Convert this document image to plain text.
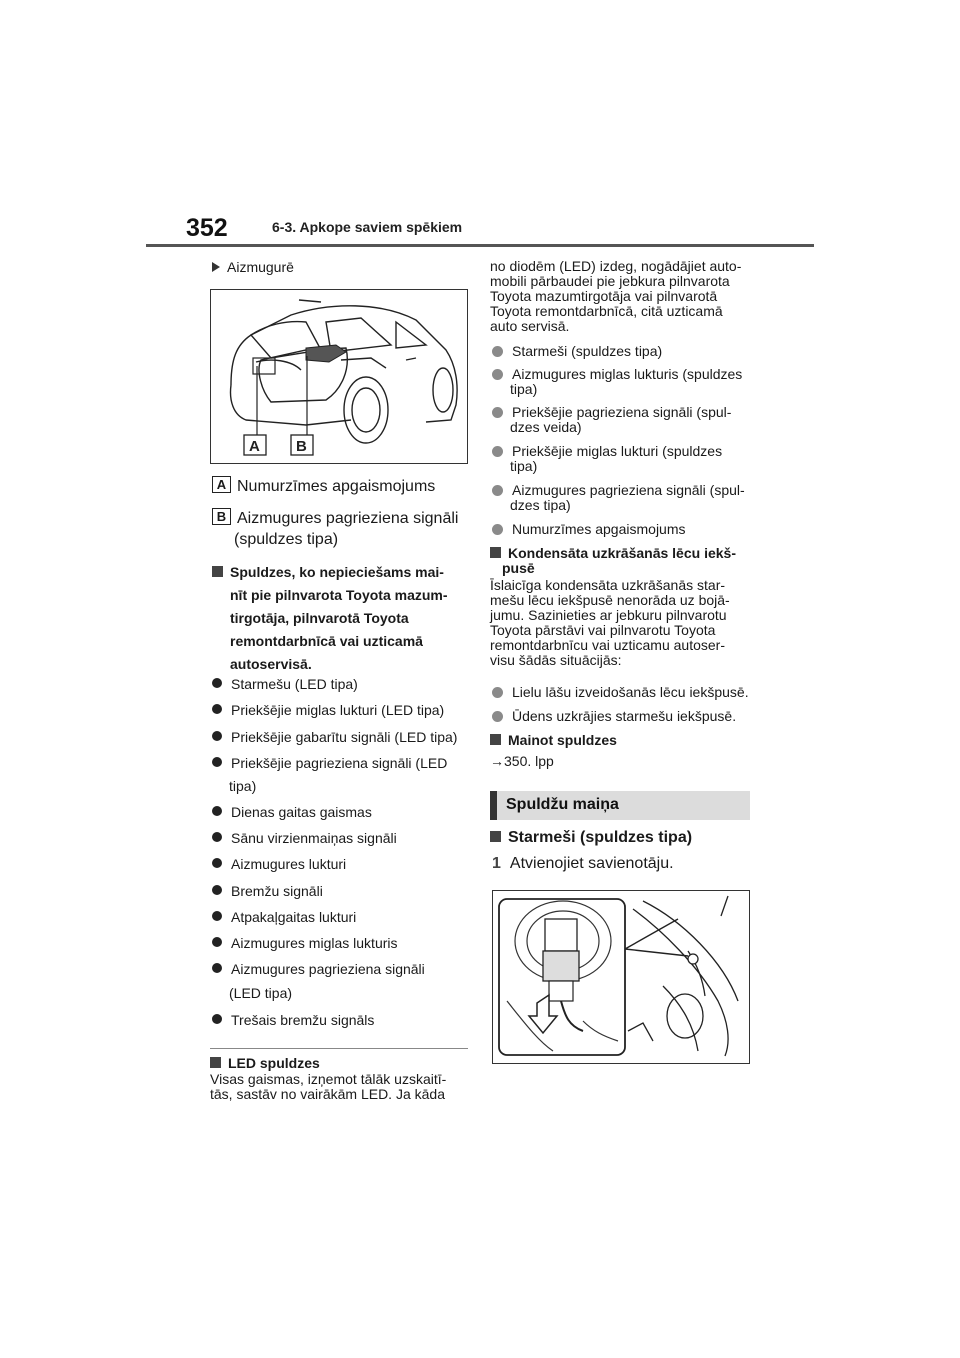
352	6-3. Apkope saviem spēkiem
Aizmugurē
A B
A Numurzīmes apgaismojums
B Aizmugures pagrieziena signāli
(spuldzes tipa)
Spuldzes, ko nepieciešams mai-
nīt pie pilnvarota Toyota mazum-
tirgotāja, pilnvarotā Toyota
remontdarbnīcā vai uzticamā
autoservisā.
Starmešu (LED tipa)
Priekšējie miglas lukturi (LED tipa)
Priekšējie gabarītu signāli (LED tipa)
Priekšējie pagrieziena signāli (LED
tipa)
Dienas gaitas gaismas
Sānu virzienmaiņas signāli
Aizmugures lukturi
Bremžu signāli
Atpakaļgaitas lukturi
Aizmugures miglas lukturis
Aizmugures pagrieziena signāli
(LED tipa)
Trešais bremžu signāls
LED spuldzes
Visas gaismas, izņemot tālāk uzskaitī-
tās, sastāv no vairākām LED. Ja kāda
no diodēm (LED) izdeg, nogādājiet auto-
mobili pārbaudei pie jebkura pilnvarota
Toyota mazumtirgotāja vai pilnvarotā
Toyota remontdarbnīcā, citā uzticamā
auto servisā.
Starmeši (spuldzes tipa)
Aizmugures miglas lukturis (spuldzes
tipa)
Priekšējie pagrieziena signāli (spul-
dzes veida)
Priekšējie miglas lukturi (spuldzes
tipa)
Aizmugures pagrieziena signāli (spul-
dzes tipa)
Numurzīmes apgaismojums
Kondensāta uzkrāšanās lēcu iekš-
pusē
Īslaicīga kondensāta uzkrāšanās star-
mešu lēcu iekšpusē nenorāda uz bojā-
jumu. Sazinieties ar jebkuru pilnvarotu
Toyota pārstāvi vai pilnvarotu Toyota
remontdarbnīcu vai uzticamu autoser-
visu šādās situācijās:
Lielu lāšu izveidošanās lēcu iekšpusē.
Ūdens uzkrājies starmešu iekšpusē.
Mainot spuldzes
→350. lpp
Spuldžu maiņa
Starmeši (spuldzes tipa)
1 Atvienojiet savienotāju.
